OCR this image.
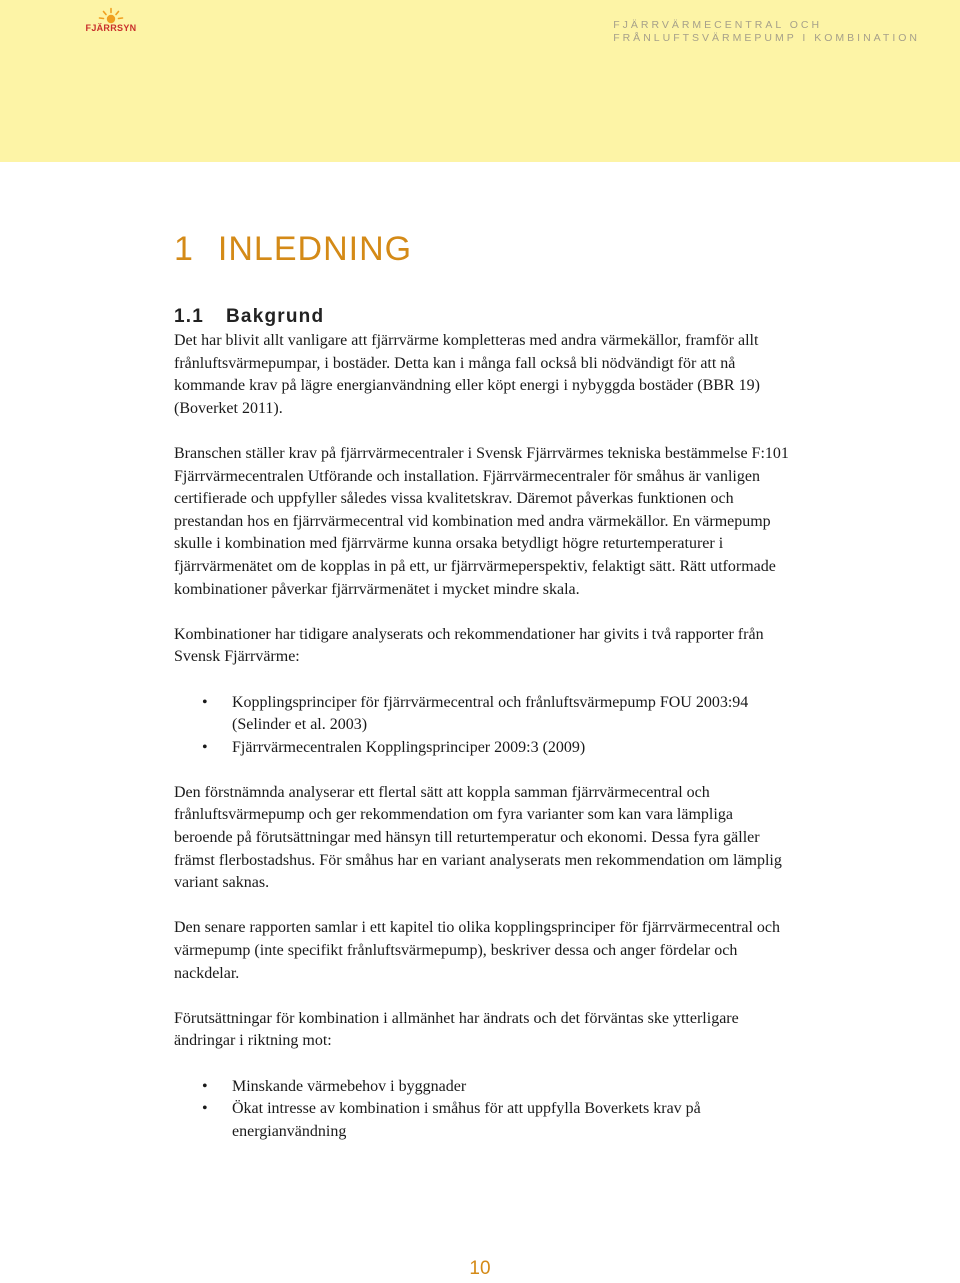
FJÄRRSYN	FJÄRRVÄRMECENTRAL OCH
FRÅNLUFTSVÄRMEPUMP I KOMBINATION
1 INLEDNING
1.1 Bakgrund

Det har blivit allt vanligare att fjärrvärme kompletteras med andra värmekällor, framför allt frånluftsvärmepumpar, i bostäder. Detta kan i många fall också bli nödvändigt för att nå kommande krav på lägre energianvändning eller köpt energi i nybyggda bostäder (BBR 19) (Boverket 2011).

Branschen ställer krav på fjärrvärmecentraler i Svensk Fjärrvärmes tekniska bestämmelse F:101 Fjärrvärmecentralen Utförande och installation. Fjärrvärmecentraler för småhus är vanligen certifierade och uppfyller således vissa kvalitetskrav. Däremot påverkas funktionen och prestandan hos en fjärrvärmecentral vid kombination med andra värmekällor. En värmepump skulle i kombination med fjärrvärme kunna orsaka betydligt högre returtemperaturer i fjärrvärmenätet om de kopplas in på ett, ur fjärrvärmeperspektiv, felaktigt sätt. Rätt utformade kombinationer påverkar fjärrvärmenätet i mycket mindre skala.

Kombinationer har tidigare analyserats och rekommendationer har givits i två rapporter från Svensk Fjärrvärme:

• Kopplingsprinciper för fjärrvärmecentral och frånluftsvärmepump FOU 2003:94 (Selinder et al. 2003)
• Fjärrvärmecentralen Kopplingsprinciper 2009:3 (2009)

Den förstnämnda analyserar ett flertal sätt att koppla samman fjärrvärmecentral och frånluftsvärmepump och ger rekommendation om fyra varianter som kan vara lämpliga beroende på förutsättningar med hänsyn till returtemperatur och ekonomi. Dessa fyra gäller främst flerbostadshus. För småhus har en variant analyserats men rekommendation om lämplig variant saknas.

Den senare rapporten samlar i ett kapitel tio olika kopplingsprinciper för fjärrvärmecentral och värmepump (inte specifikt frånluftsvärmepump), beskriver dessa och anger fördelar och nackdelar.

Förutsättningar för kombination i allmänhet har ändrats och det förväntas ske ytterligare ändringar i riktning mot:

• Minskande värmebehov i byggnader
• Ökat intresse av kombination i småhus för att uppfylla Boverkets krav på energianvändning
10
